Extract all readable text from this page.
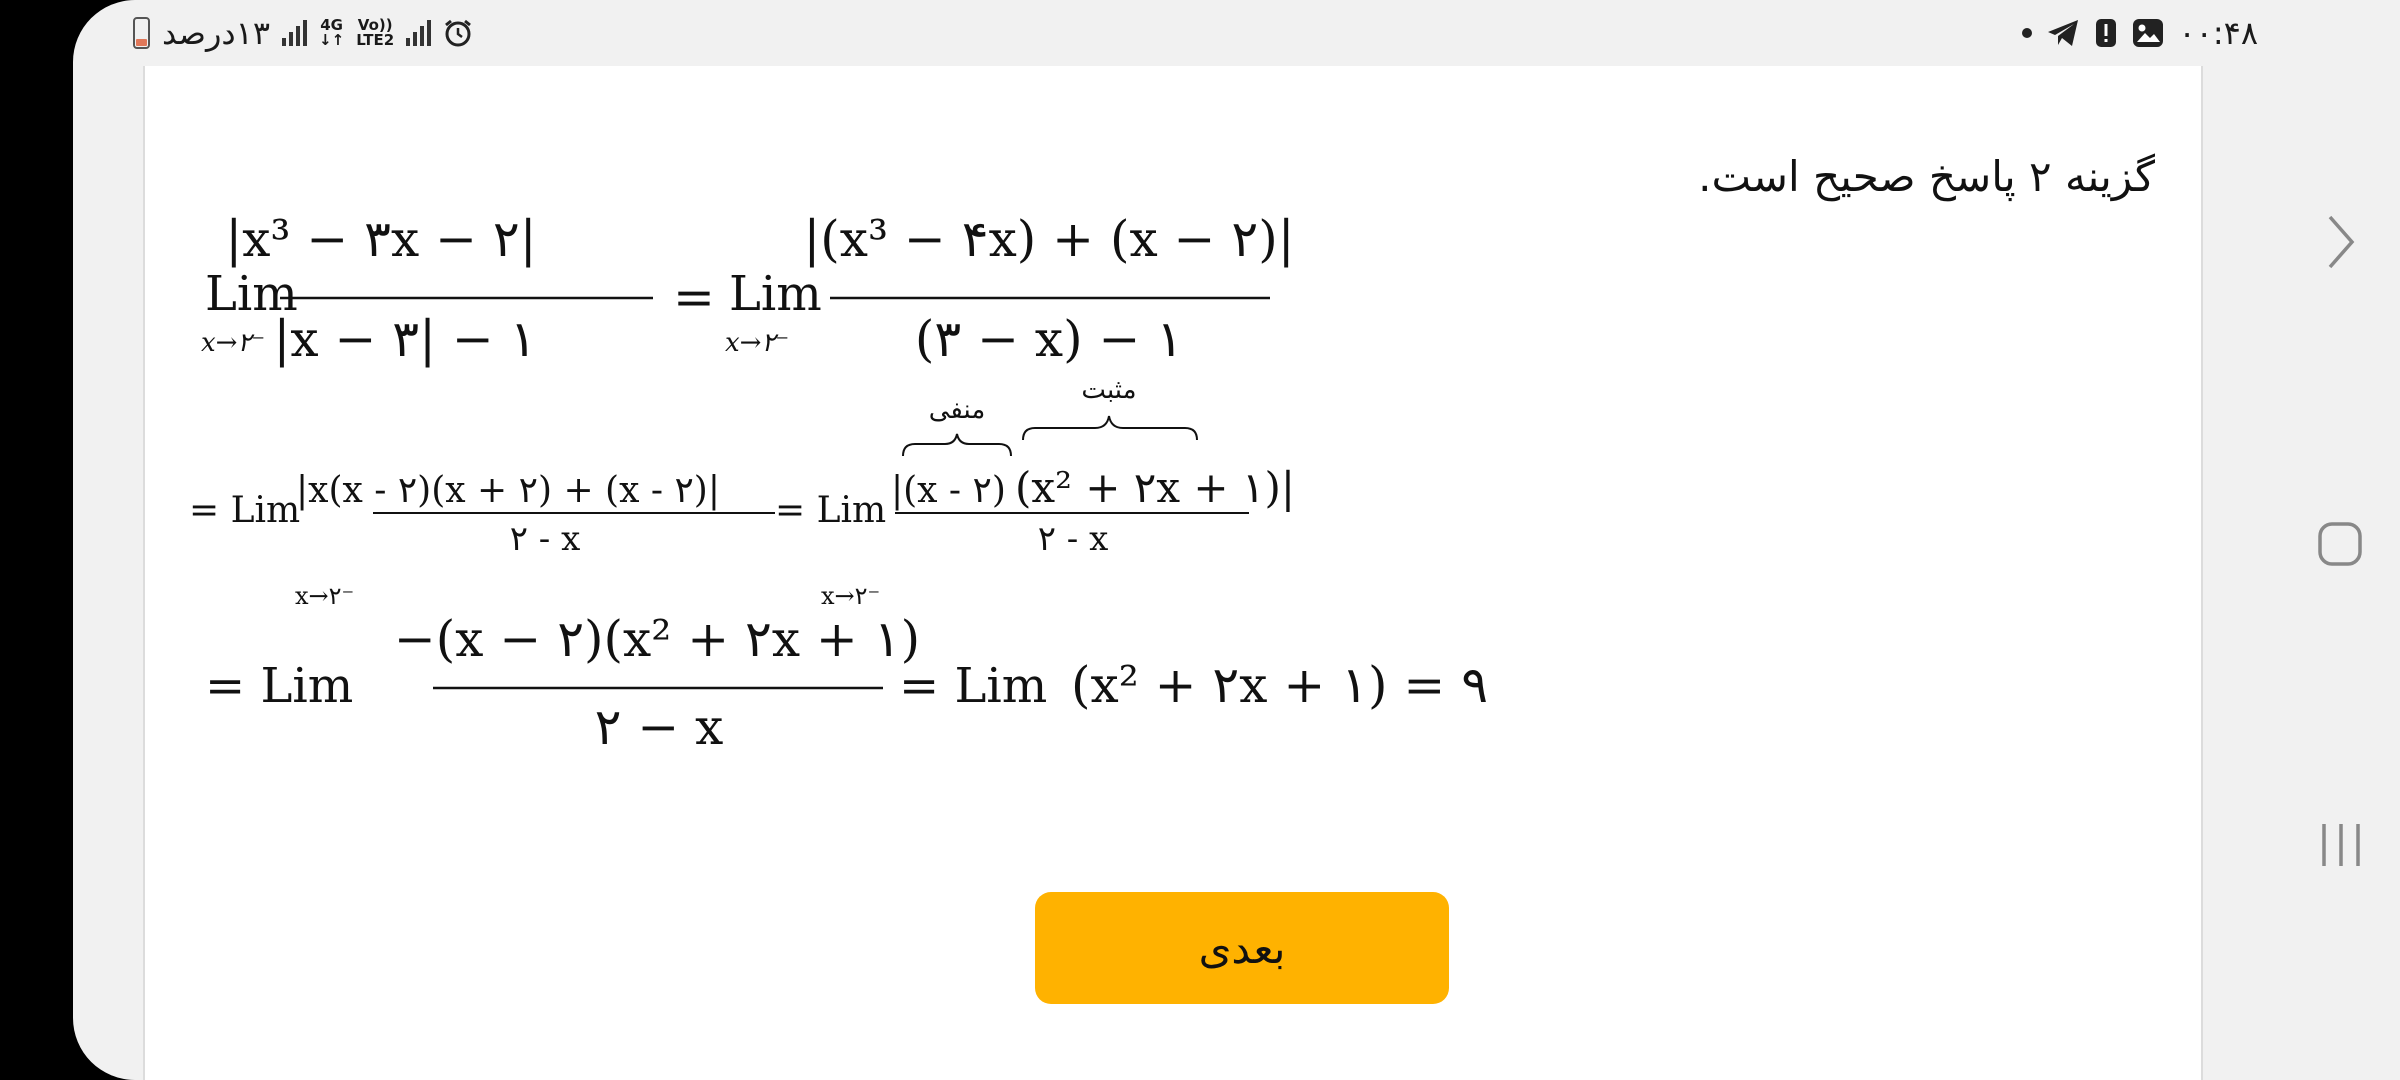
۱۳درصد	4G
↓↑
Vo))
LTE2	۰۰:۴۸
گزینه ۲ پاسخ صحیح است.
Lim
x→۲⁻
|x³ − ۳x − ۲|
|x − ۳| − ۱
= Lim
x→۲⁻
|(x³ − ۴x) + (x − ۲)|
(۳ − x) − ۱
= Lim
|x(x - ۲)(x + ۲) + (x - ۲)|
۲ - x
= Lim |(x - ۲) (x² + ۲x + ۱)|
۲ - x
x→۲⁻	x→۲⁻
منفی
مثبت
= Lim
−(x − ۲)(x² + ۲x + ۱)
۲ − x
= Lim (x² + ۲x + ۱) = ۹
بعدی
